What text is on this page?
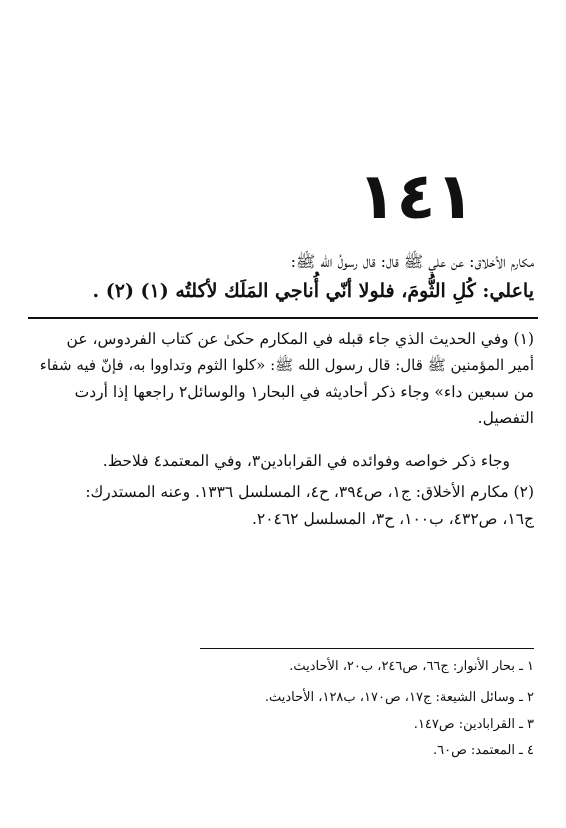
١٤١
مكارم الأخلاق: عن علي ﷺ قال: قال رسولُ الله ﷺ:
ياعلي: كُلِ الثُّومَ، فلولا أنّي أُناجي المَلَك لأكلتُه (١) (٢) .
(١) وفي الحديث الذي جاء قبله في المكارم حكىٰ عن كتاب الفردوس، عن
أمير المؤمنين ﷺ قال: قال رسول الله ﷺ: «كلوا الثوم وتداووا به، فإنّ فيه شفاء
من سبعين داء» وجاء ذكر أحاديثه في البحار١ والوسائل٢ راجعها إذا أردت
التفصيل.
وجاء ذكر خواصه وفوائده في القرابادين٣، وفي المعتمد٤ فلاحظ.
(٢) مكارم الأخلاق: ج١، ص٣٩٤، ح٤، المسلسل ١٣٣٦. وعنه المستدرك:
ج١٦، ص٤٣٢، ب١٠٠، ح٣، المسلسل ٢٠٤٦٢.
١ ـ بحار الأنوار: ج٦٦، ص٢٤٦، ب٢٠، الأحاديث.
٢ ـ وسائل الشيعة: ج١٧، ص١٧٠، ب١٢٨، الأحاديث.
٣ ـ القرابادين: ص١٤٧.
٤ ـ المعتمد: ص٦٠.
